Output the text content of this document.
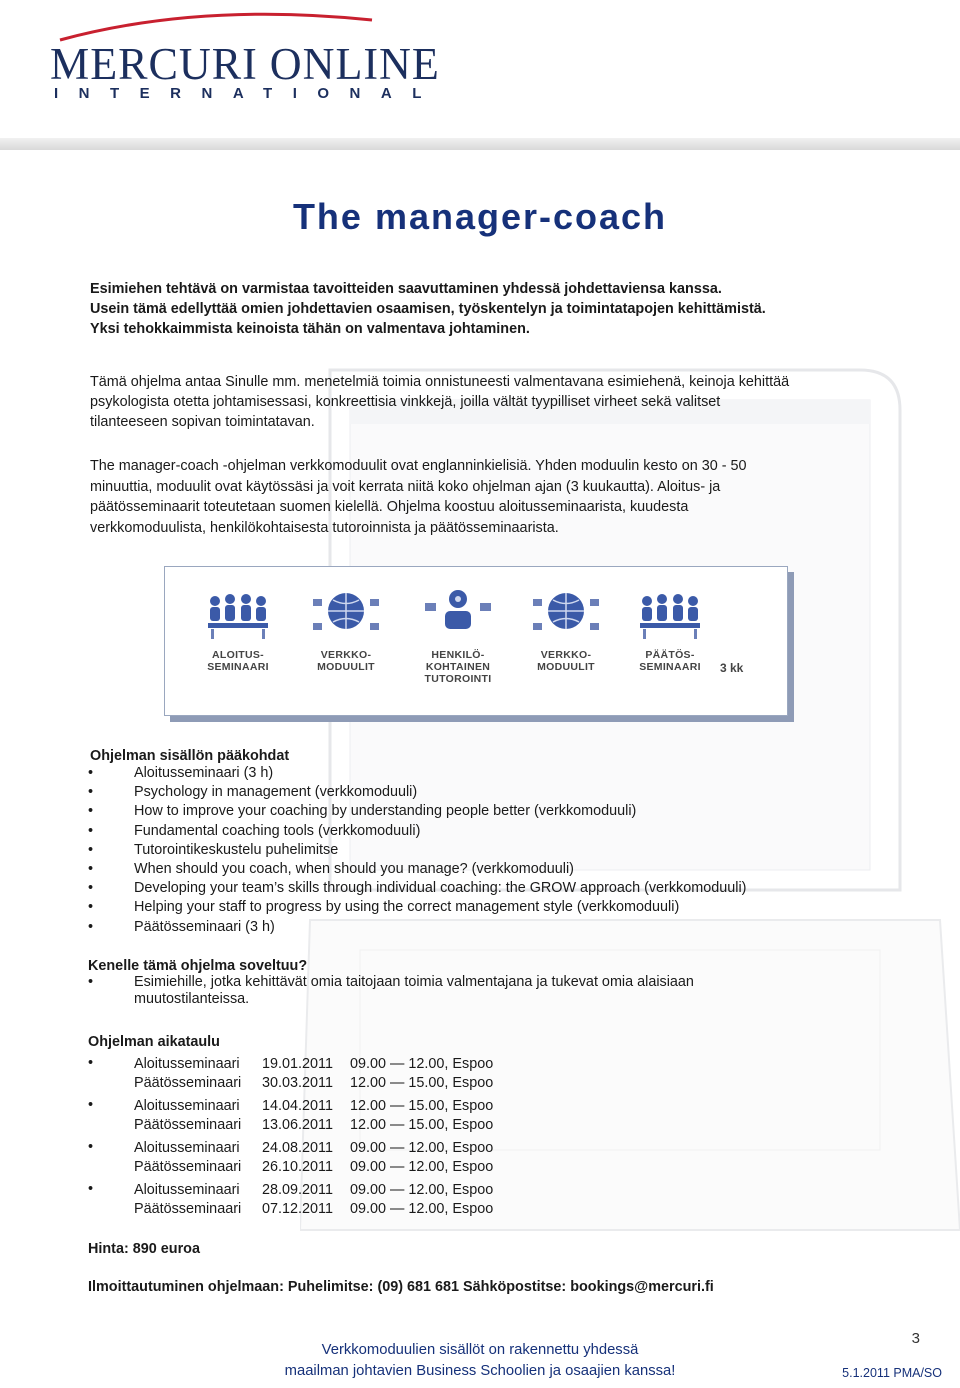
MERCURI ONLINE
INTERNATIONAL
The manager-coach
Esimiehen tehtävä on varmistaa tavoitteiden saavuttaminen yhdessä johdettaviensa kanssa.
Usein tämä edellyttää omien johdettavien osaamisen, työskentelyn ja toimintatapojen kehittämistä.
Yksi tehokkaimmista keinoista tähän on valmentava johtaminen.
Tämä ohjelma antaa Sinulle mm. menetelmiä toimia onnistuneesti valmentavana esimiehenä, keinoja kehittää
psykologista otetta johtamisessasi, konkreettisia vinkkejä, joilla vältät tyypilliset virheet sekä valitset
tilanteeseen sopivan toimintatavan.
The manager-coach -ohjelman verkkomoduulit ovat englanninkielisiä. Yhden moduulin kesto on 30 - 50
minuuttia, moduulit ovat käytössäsi ja voit kerrata niitä koko ohjelman ajan (3 kuukautta). Aloitus- ja
päätösseminaarit toteutetaan suomen kielellä. Ohjelma koostuu aloitusseminaarista, kuudesta
verkkomoduulista, henkilökohtaisesta tutoroinnista ja päätösseminaarista.
ALOITUS-
SEMINAARI
VERKKO-
MODUULIT
HENKILÖ-
KOHTAINEN
TUTOROINTI
VERKKO-
MODUULIT
PÄÄTÖS-
SEMINAARI	3 kk
Ohjelman sisällön pääkohdat
• Aloitusseminaari (3 h)
• Psychology in management (verkkomoduuli)
• How to improve your coaching by understanding people better (verkkomoduuli)
• Fundamental coaching tools (verkkomoduuli)
• Tutorointikeskustelu puhelimitse
• When should you coach, when should you manage? (verkkomoduuli)
• Developing your team’s skills through individual coaching: the GROW approach (verkkomoduuli)
• Helping your staff to progress by using the correct management style (verkkomoduuli)
• Päätösseminaari (3 h)
Kenelle tämä ohjelma soveltuu?
• Esimiehille, jotka kehittävät omia taitojaan toimia valmentajana ja tukevat omia alaisiaan
muutostilanteissa.
Ohjelman aikataulu
• Aloitusseminaari 19.01.2011 09.00 — 12.00, Espoo
Päätösseminaari 30.03.2011 12.00 — 15.00, Espoo
• Aloitusseminaari 14.04.2011 12.00 — 15.00, Espoo
Päätösseminaari 13.06.2011 12.00 — 15.00, Espoo
• Aloitusseminaari 24.08.2011 09.00 — 12.00, Espoo
Päätösseminaari 26.10.2011 09.00 — 12.00, Espoo
• Aloitusseminaari 28.09.2011 09.00 — 12.00, Espoo
Päätösseminaari 07.12.2011 09.00 — 12.00, Espoo
Hinta: 890 euroa
Ilmoittautuminen ohjelmaan: Puhelimitse: (09) 681 681 Sähköpostitse: bookings@mercuri.fi
3
Verkkomoduulien sisällöt on rakennettu yhdessä
maailman johtavien Business Schoolien ja osaajien kanssa!	5.1.2011 PMA/SO
